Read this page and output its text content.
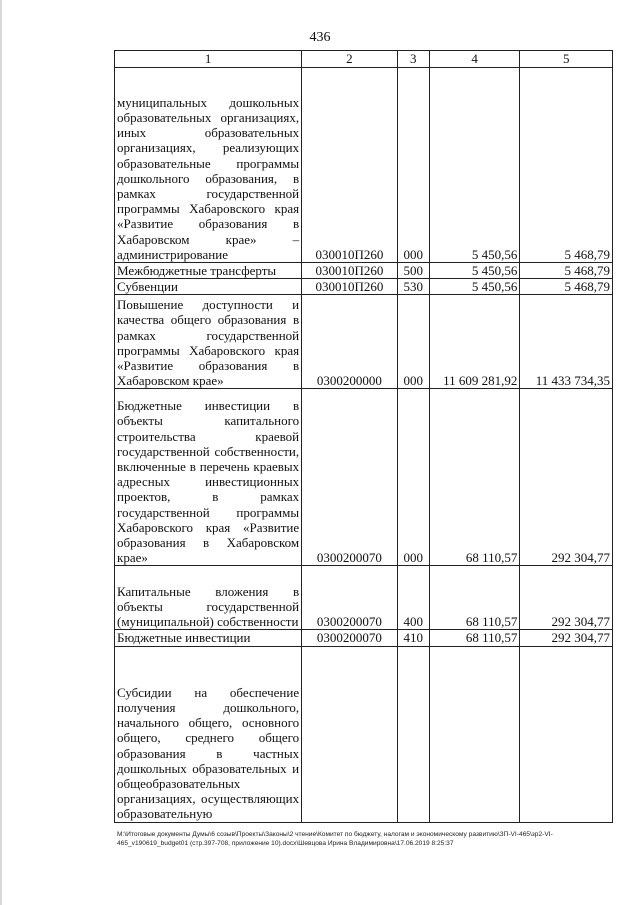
436
1	2	3	4	5
муниципальных дошкольных образовательных организациях, иных образовательных организациях, реализующих образовательные программы дошкольного образования, в рамках государственной программы Хабаровского края «Развитие образования в Хабаровском крае» – администрирование	030010П260	000	5 450,56	5 468,79
Межбюджетные трансферты	030010П260	500	5 450,56	5 468,79
Субвенции	030010П260	530	5 450,56	5 468,79
Повышение доступности и качества общего образования в рамках государственной программы Хабаровского края «Развитие образования в Хабаровском крае»	0300200000	000	11 609 281,92	11 433 734,35
Бюджетные инвестиции в объекты капитального строительства краевой государственной собственности, включенные в перечень краевых адресных инвестиционных проектов, в рамках государственной программы Хабаровского края «Развитие образования в Хабаровском крае»	0300200070	000	68 110,57	292 304,77
Капитальные вложения в объекты государственной (муниципальной) собственности	0300200070	400	68 110,57	292 304,77
Бюджетные инвестиции	0300200070	410	68 110,57	292 304,77
Субсидии на обеспечение получения дошкольного, начального общего, основного общего, среднего общего образования в частных дошкольных образовательных и общеобразовательных организациях, осуществляющих образовательную				
M:\Итоговые документы Думы\6 созыв\Проекты\Законы\2 чтение\Комитет по бюджету, налогам и экономическому развитию\ЗП-VI-465\зр2-VI-465_v190619_budget01 (стр.397-708, приложение 10).docx\Шевцова Ирина Владимировна\17.06.2019 8:25:37
